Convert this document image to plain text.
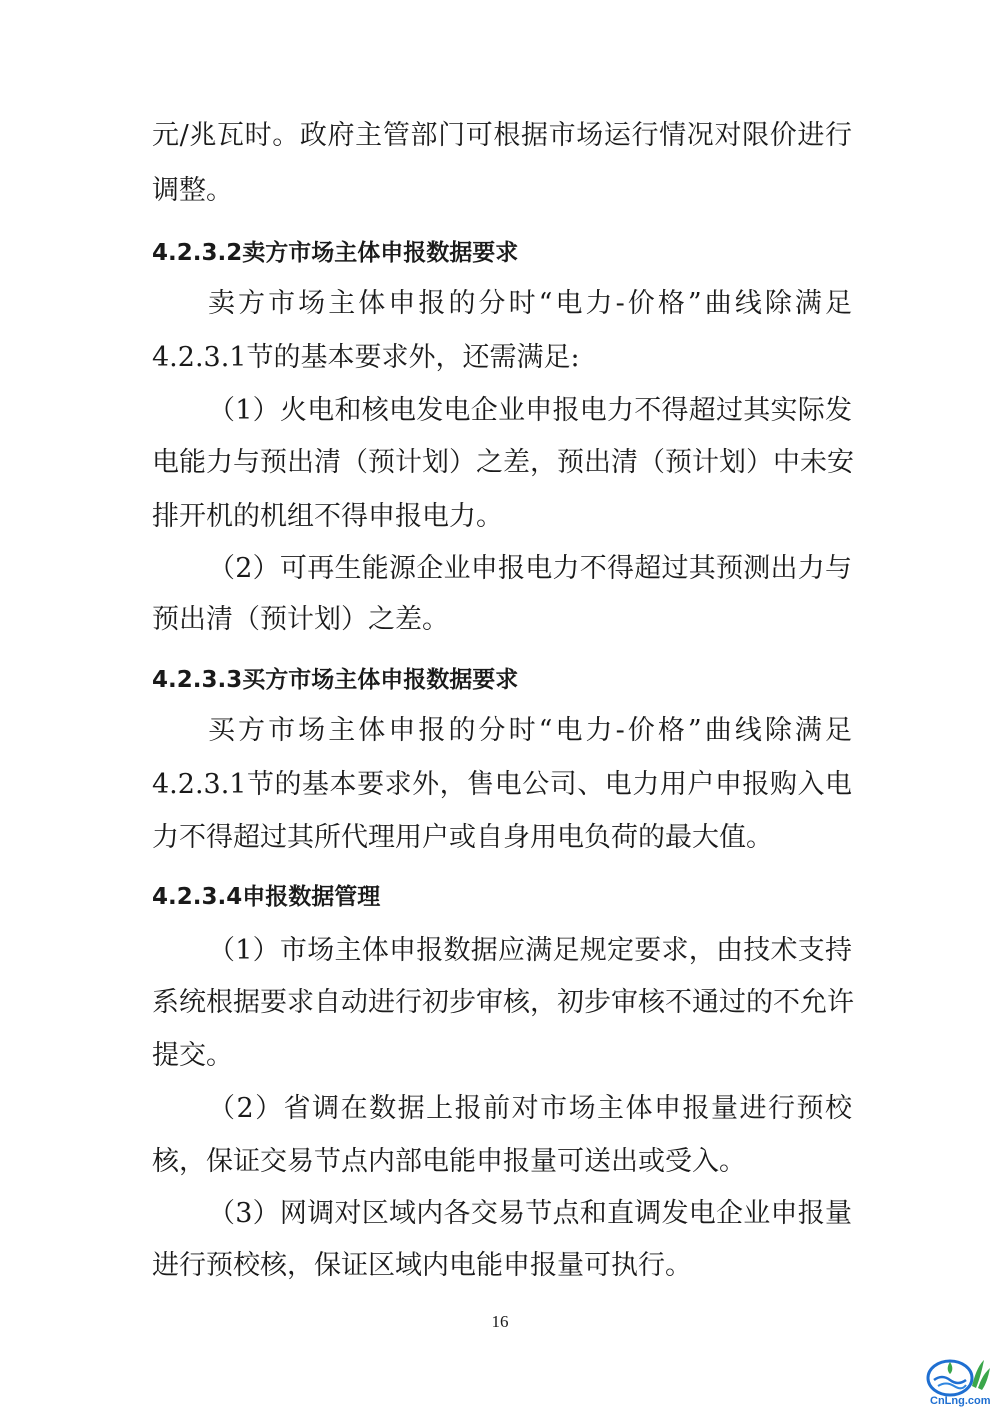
元/兆瓦时。政府主管部门可根据市场运行情况对限价进行
调整。
4.2.3.2卖方市场主体申报数据要求
卖方市场主体申报的分时“电力-价格”曲线除满足
4.2.3.1节的基本要求外，还需满足:
（1）火电和核电发电企业申报电力不得超过其实际发
电能力与预出清（预计划）之差，预出清（预计划）中未安
排开机的机组不得申报电力。
（2）可再生能源企业申报电力不得超过其预测出力与
预出清（预计划）之差。
4.2.3.3买方市场主体申报数据要求
买方市场主体申报的分时“电力-价格”曲线除满足
4.2.3.1节的基本要求外，售电公司、电力用户申报购入电
力不得超过其所代理用户或自身用电负荷的最大值。
4.2.3.4申报数据管理
（1）市场主体申报数据应满足规定要求，由技术支持
系统根据要求自动进行初步审核，初步审核不通过的不允许
提交。
（2）省调在数据上报前对市场主体申报量进行预校
核，保证交易节点内部电能申报量可送出或受入。
（3）网调对区域内各交易节点和直调发电企业申报量
进行预校核，保证区域内电能申报量可执行。
16
CnLng.com
